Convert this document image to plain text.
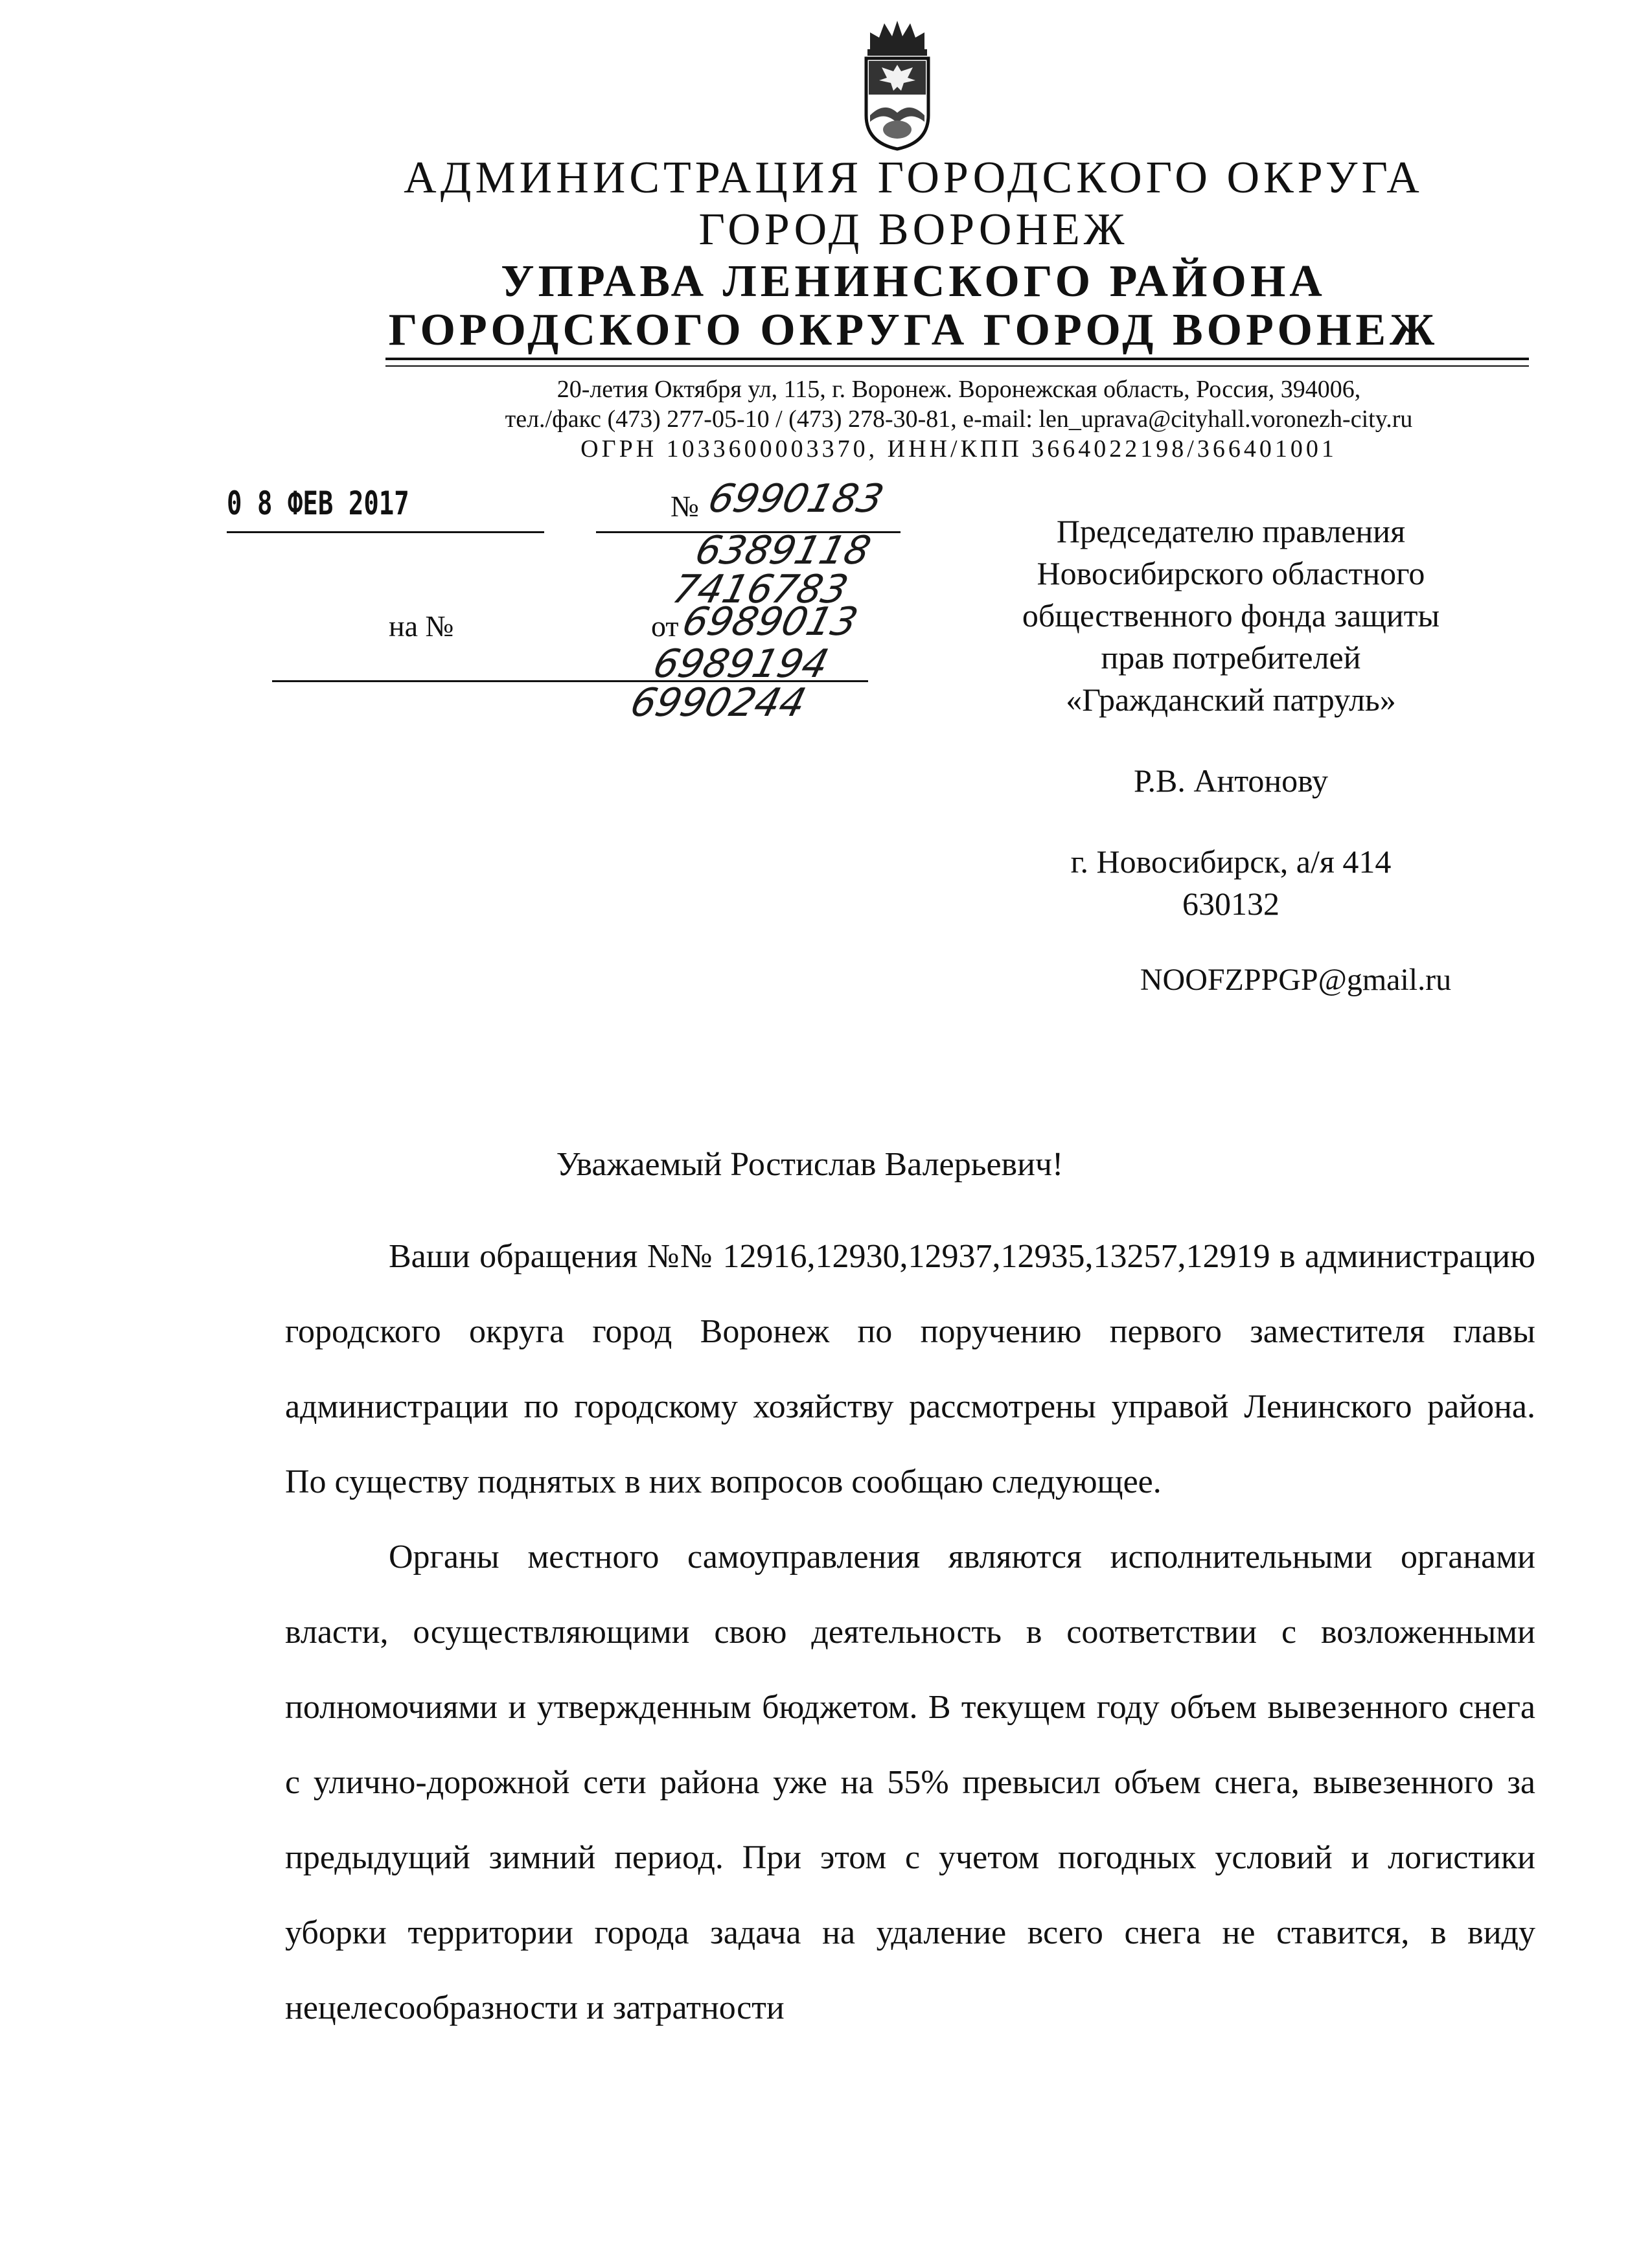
АДМИНИСТРАЦИЯ ГОРОДСКОГО ОКРУГА
ГОРОД ВОРОНЕЖ
УПРАВА ЛЕНИНСКОГО РАЙОНА
ГОРОДСКОГО ОКРУГА ГОРОД ВОРОНЕЖ
20-летия Октября ул, 115, г. Воронеж. Воронежская область, Россия, 394006,
тел./факс (473) 277-05-10 / (473) 278-30-81, e-mail: len_uprava@cityhall.voronezh-city.ru
ОГРН 1033600003370, ИНН/КПП 3664022198/366401001
0 8 ФЕВ 2017	№ 6990183
6389118
7416783
на №	от
6989013
6989194
6990244
Председателю правления
Новосибирского областного
общественного фонда защиты
прав потребителей
«Гражданский патруль»
Р.В. Антонову
г. Новосибирск, а/я 414
630132
NOOFZPPGP@gmail.ru
Уважаемый Ростислав Валерьевич!

Ваши обращения №№ 12916,12930,12937,12935,13257,12919 в администрацию городского округа город Воронеж по поручению первого заместителя главы администрации по городскому хозяйству рассмотрены управой Ленинского района. По существу поднятых в них вопросов сообщаю следующее.

Органы местного самоуправления являются исполнительными органами власти, осуществляющими свою деятельность в соответствии с возложенными полномочиями и утвержденным бюджетом. В текущем году объем вывезенного снега с улично-дорожной сети района уже на 55% превысил объем снега, вывезенного за предыдущий зимний период. При этом с учетом погодных условий и логистики уборки территории города задача на удаление всего снега не ставится, в виду нецелесообразности и затратности
